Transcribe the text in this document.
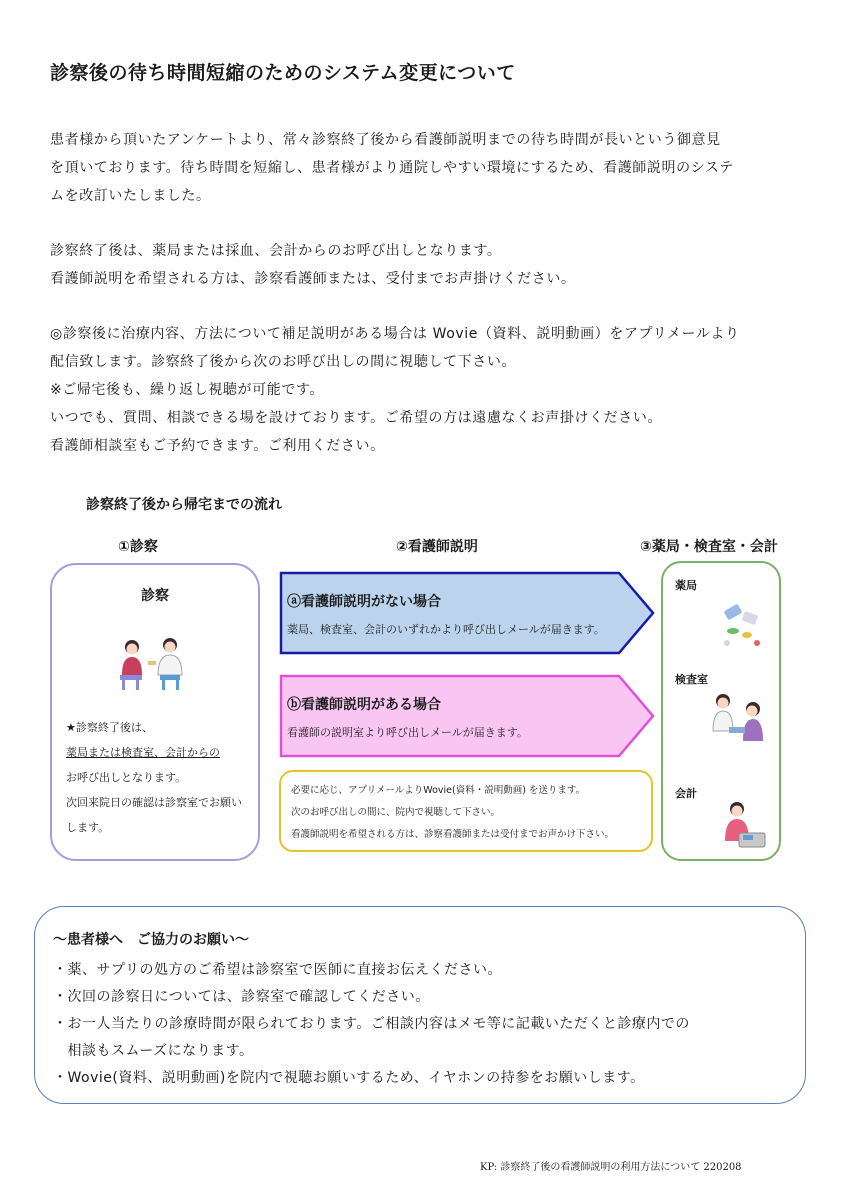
診察後の待ち時間短縮のためのシステム変更について

患者様から頂いたアンケートより、常々診察終了後から看護師説明までの待ち時間が長いという御意見

を頂いております。待ち時間を短縮し、患者様がより通院しやすい環境にするため、看護師説明のシステ

ムを改訂いたしました。

診察終了後は、薬局または採血、会計からのお呼び出しとなります。

看護師説明を希望される方は、診察看護師または、受付までお声掛けください。

◎診察後に治療内容、方法について補足説明がある場合は Wovie（資料、説明動画）をアプリメールより

配信致します。診察終了後から次のお呼び出しの間に視聴して下さい。

※ご帰宅後も、繰り返し視聴が可能です。

いつでも、質問、相談できる場を設けております。ご希望の方は遠慮なくお声掛けください。

看護師相談室もご予約できます。ご利用ください。

診察終了後から帰宅までの流れ
①診察	②看護師説明	③薬局・検査室・会計
診察
★診察終了後は、
薬局または検査室、会計からの
お呼び出しとなります。
次回来院日の確認は診察室でお願い
します。
ⓐ看護師説明がない場合
薬局、検査室、会計のいずれかより呼び出しメールが届きます。
ⓑ看護師説明がある場合
看護師の説明室より呼び出しメールが届きます。
必要に応じ、アプリメールよりWovie(資料・説明動画) を送ります。
次のお呼び出しの間に、院内で視聴して下さい。
看護師説明を希望される方は、診察看護師または受付までお声かけ下さい。
薬局
検査室
会計
～患者様へ　ご協力のお願い～
・薬、サプリの処方のご希望は診察室で医師に直接お伝えください。
・次回の診察日については、診察室で確認してください。
・お一人当たりの診療時間が限られております。ご相談内容はメモ等に記載いただくと診療内での
　相談もスムーズになります。
・Wovie(資料、説明動画)を院内で視聴お願いするため、イヤホンの持参をお願いします。
KP: 診察終了後の看護師説明の利用方法について 220208
